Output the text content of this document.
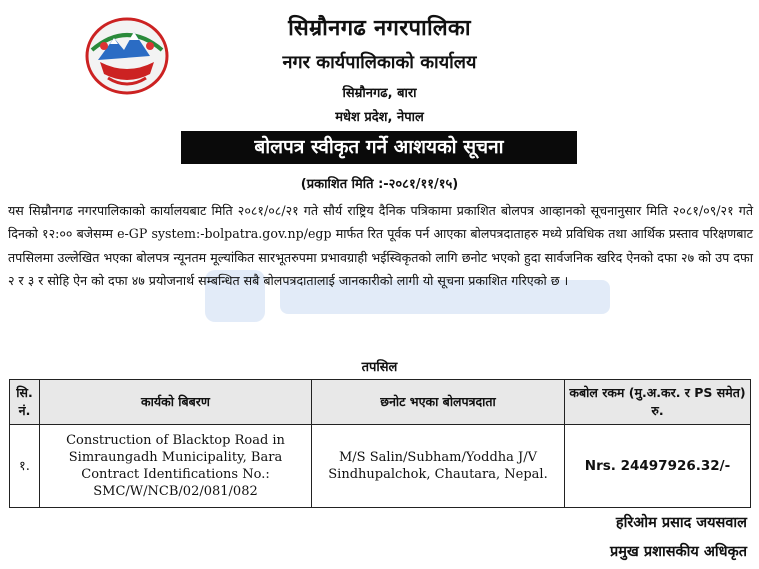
सिम्रौनगढ नगरपालिका
नगर कार्यपालिकाको कार्यालय
सिम्रौनगढ, बारा
मधेश प्रदेश, नेपाल
बोलपत्र स्वीकृत गर्ने आशयको सूचना
(प्रकाशित मिति :-२०८१/११/१५)
यस सिम्रौनगढ नगरपालिकाको कार्यालयबाट मिति २०८१/०८/२१ गते सौर्य राष्ट्रिय दैनिक पत्रिकामा प्रकाशित बोलपत्र आव्हानको सूचनानुसार मिति २०८१/०९/२१ गते दिनको १२:०० बजेसम्म e-GP system:-bolpatra.gov.np/egp मार्फत रित पूर्वक पर्न आएका बोलपत्रदाताहरु मध्ये प्रविधिक तथा आर्थिक प्रस्ताव परिक्षणबाट तपसिलमा उल्लेखित भएका बोलपत्र न्यूनतम मूल्यांकित सारभूतरुपमा प्रभावग्राही भईस्विकृतको लागि छनोट भएको हुदा सार्वजनिक खरिद ऐनको दफा २७ को उप दफा २ र ३ र सोहि ऐन को दफा ४७ प्रयोजनार्थ सम्बन्धित सबै बोलपत्रदातालाई जानकारीको लागी यो सूचना प्रकाशित गरिएको छ ।
तपसिल
सि. नं.	कार्यको बिबरण	छनोट भएका बोलपत्रदाता	कबोल रकम (मु.अ.कर. र PS समेत) रु.
१.	Construction of Blacktop Road in Simraungadh Municipality, Bara Contract Identifications No.: SMC/W/NCB/02/081/082	M/S Salin/Subham/Yoddha J/V Sindhupalchok, Chautara, Nepal.	Nrs. 24497926.32/-
हरिओम प्रसाद जयसवाल
प्रमुख प्रशासकीय अधिकृत
